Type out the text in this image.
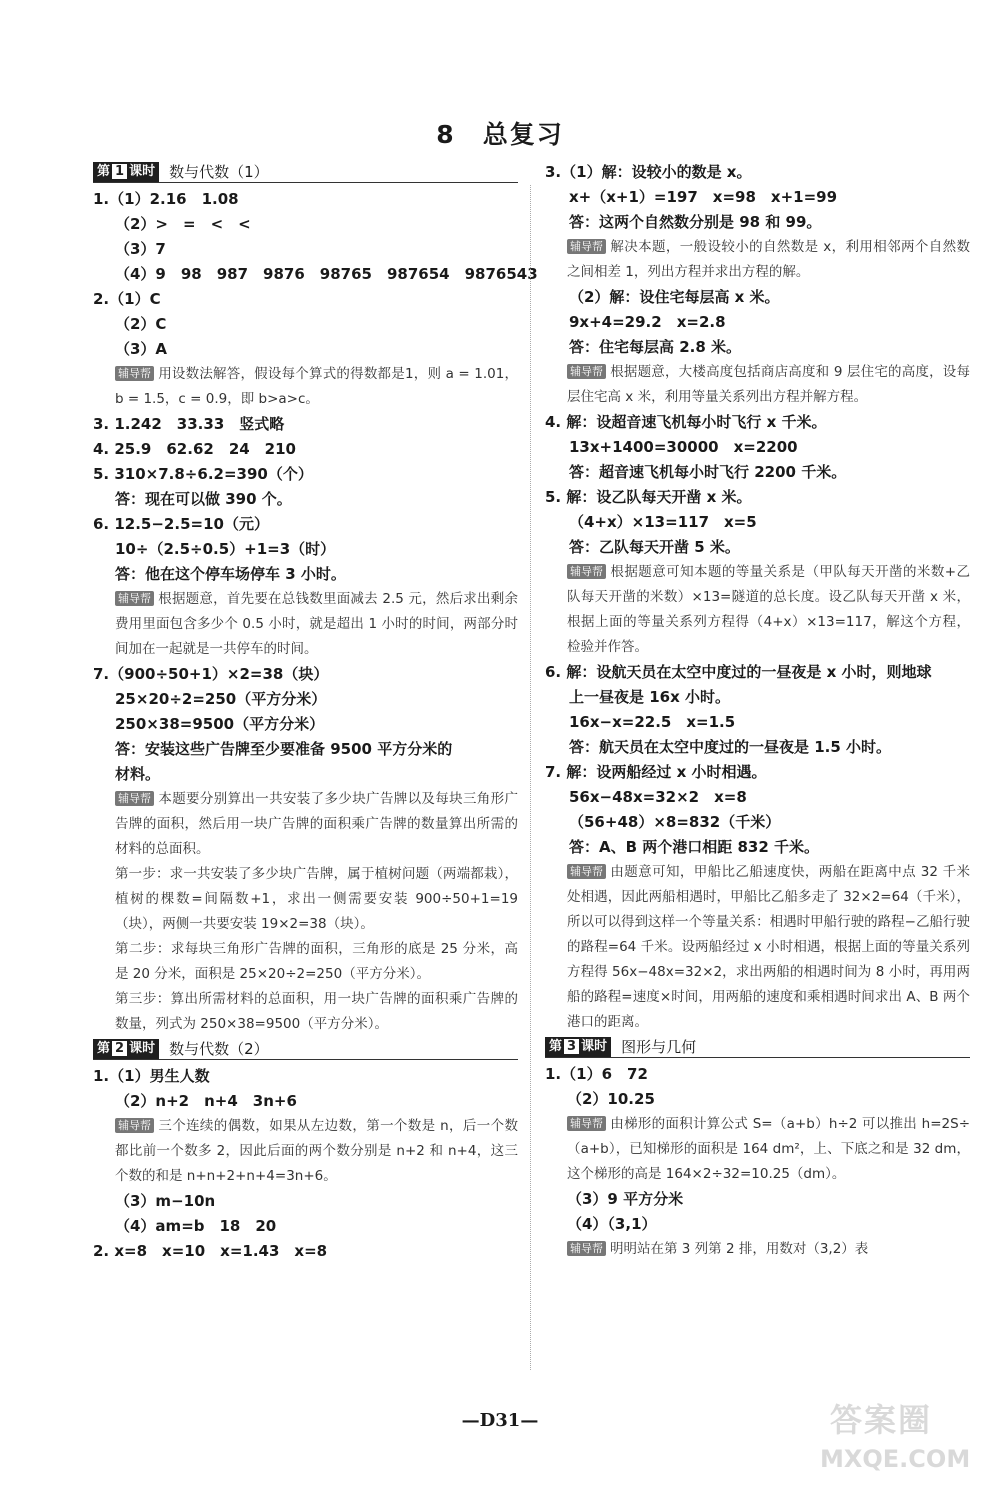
8　总复习
第 1 课时 数与代数（1）
1.（1）2.16　1.08
（2）>　=　<　<
（3）7
（4）9　98　987　9876　98765　987654　9876543
2.（1）C
（2）C
（3）A
辅导帮 用设数法解答，假设每个算式的得数都是1，则 a = 1.01，b = 1.5，c = 0.9，即 b>a>c。
3. 1.242　33.33　竖式略
4. 25.9　62.62　24　210
5. 310×7.8÷6.2=390（个）
答：现在可以做 390 个。
6. 12.5−2.5=10（元）
10÷（2.5÷0.5）+1=3（时）
答：他在这个停车场停车 3 小时。
辅导帮 根据题意，首先要在总钱数里面减去 2.5 元，然后求出剩余费用里面包含多少个 0.5 小时，就是超出 1 小时的时间，两部分时间加在一起就是一共停车的时间。
7.（900÷50+1）×2=38（块）
25×20÷2=250（平方分米）
250×38=9500（平方分米）
答：安装这些广告牌至少要准备 9500 平方分米的
材料。
辅导帮 本题要分别算出一共安装了多少块广告牌以及每块三角形广告牌的面积，然后用一块广告牌的面积乘广告牌的数量算出所需的材料的总面积。
第一步：求一共安装了多少块广告牌，属于植树问题（两端都栽），植树的棵数=间隔数+1，求出一侧需要安装 900÷50+1=19（块），两侧一共要安装 19×2=38（块）。
第二步：求每块三角形广告牌的面积，三角形的底是 25 分米，高是 20 分米，面积是 25×20÷2=250（平方分米）。
第三步：算出所需材料的总面积，用一块广告牌的面积乘广告牌的数量，列式为 250×38=9500（平方分米）。
第 2 课时 数与代数（2）
1.（1）男生人数
（2）n+2　n+4　3n+6
辅导帮 三个连续的偶数，如果从左边数，第一个数是 n，后一个数都比前一个数多 2，因此后面的两个数分别是 n+2 和 n+4，这三个数的和是 n+n+2+n+4=3n+6。
（3）m−10n
（4）am=b　18　20
2. x=8　x=10　x=1.43　x=8
3.（1）解：设较小的数是 x。
x+（x+1）=197　x=98　x+1=99
答：这两个自然数分别是 98 和 99。
辅导帮 解决本题，一般设较小的自然数是 x，利用相邻两个自然数之间相差 1，列出方程并求出方程的解。
（2）解：设住宅每层高 x 米。
9x+4=29.2　x=2.8
答：住宅每层高 2.8 米。
辅导帮 根据题意，大楼高度包括商店高度和 9 层住宅的高度，设每层住宅高 x 米，利用等量关系列出方程并解方程。
4. 解：设超音速飞机每小时飞行 x 千米。
13x+1400=30000　x=2200
答：超音速飞机每小时飞行 2200 千米。
5. 解：设乙队每天开凿 x 米。
（4+x）×13=117　x=5
答：乙队每天开凿 5 米。
辅导帮 根据题意可知本题的等量关系是（甲队每天开凿的米数+乙队每天开凿的米数）×13=隧道的总长度。设乙队每天开凿 x 米，根据上面的等量关系列方程得（4+x）×13=117，解这个方程，检验并作答。
6. 解：设航天员在太空中度过的一昼夜是 x 小时，则地球
上一昼夜是 16x 小时。
16x−x=22.5　x=1.5
答：航天员在太空中度过的一昼夜是 1.5 小时。
7. 解：设两船经过 x 小时相遇。
56x−48x=32×2　x=8
（56+48）×8=832（千米）
答：A、B 两个港口相距 832 千米。
辅导帮 由题意可知，甲船比乙船速度快，两船在距离中点 32 千米处相遇，因此两船相遇时，甲船比乙船多走了 32×2=64（千米），所以可以得到这样一个等量关系：相遇时甲船行驶的路程−乙船行驶的路程=64 千米。设两船经过 x 小时相遇，根据上面的等量关系列方程得 56x−48x=32×2，求出两船的相遇时间为 8 小时，再用两船的路程=速度×时间，用两船的速度和乘相遇时间求出 A、B 两个港口的距离。
第 3 课时 图形与几何
1.（1）6　72
（2）10.25
辅导帮 由梯形的面积计算公式 S=（a+b）h÷2 可以推出 h=2S÷（a+b），已知梯形的面积是 164 dm²，上、下底之和是 32 dm，这个梯形的高是 164×2÷32=10.25（dm）。
（3）9 平方分米
（4）（3,1）
辅导帮 明明站在第 3 列第 2 排，用数对（3,2）表
—D31—	答案圈
MXQE.COM
